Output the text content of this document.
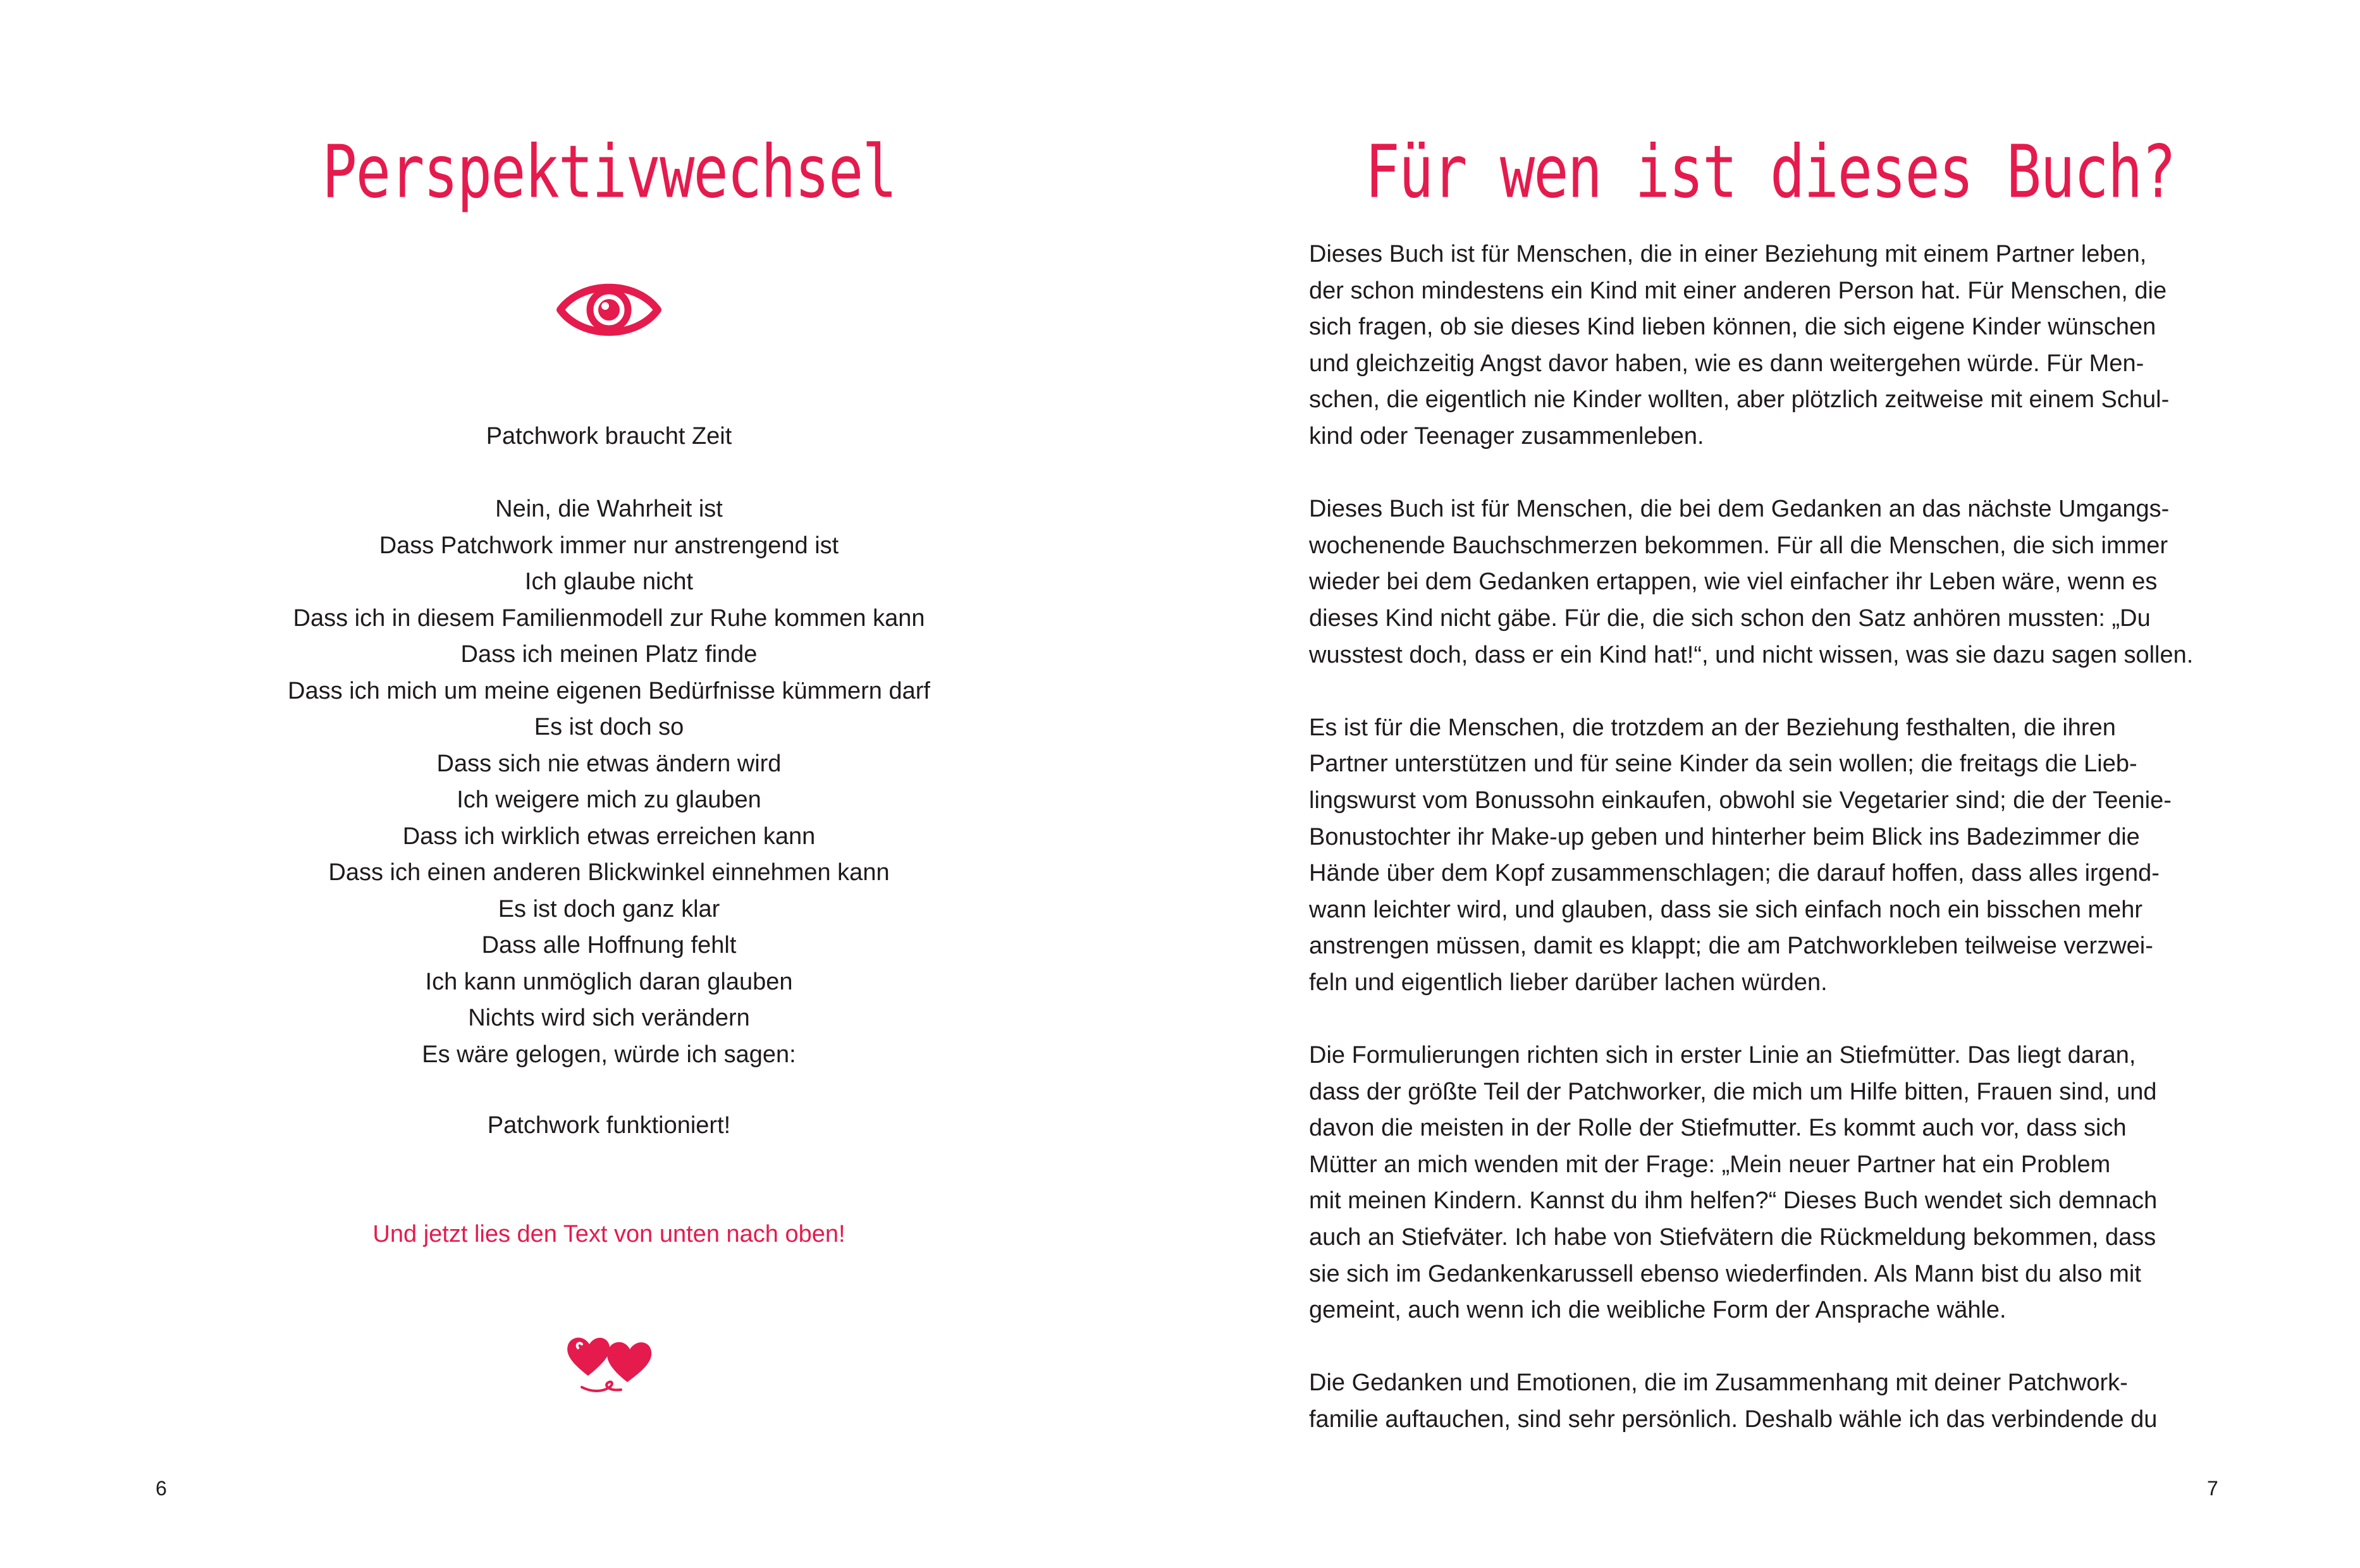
Perspektivwechsel
Patchwork braucht Zeit
Nein, die Wahrheit ist
Dass Patchwork immer nur anstrengend ist
Ich glaube nicht
Dass ich in diesem Familienmodell zur Ruhe kommen kann
Dass ich meinen Platz finde
Dass ich mich um meine eigenen Bedürfnisse kümmern darf
Es ist doch so
Dass sich nie etwas ändern wird
Ich weigere mich zu glauben
Dass ich wirklich etwas erreichen kann
Dass ich einen anderen Blickwinkel einnehmen kann
Es ist doch ganz klar
Dass alle Hoffnung fehlt
Ich kann unmöglich daran glauben
Nichts wird sich verändern
Es wäre gelogen, würde ich sagen:
Patchwork funktioniert!
Und jetzt lies den Text von unten nach oben!
6
Für wen ist dieses Buch?
Dieses Buch ist für Menschen, die in einer Beziehung mit einem Partner leben,
der schon mindestens ein Kind mit einer anderen Person hat. Für Menschen, die
sich fragen, ob sie dieses Kind lieben können, die sich eigene Kinder wünschen
und gleichzeitig Angst davor haben, wie es dann weitergehen würde. Für Men-
schen, die eigentlich nie Kinder wollten, aber plötzlich zeitweise mit einem Schul-
kind oder Teenager zusammenleben.
Dieses Buch ist für Menschen, die bei dem Gedanken an das nächste Umgangs-
wochenende Bauchschmerzen bekommen. Für all die Menschen, die sich immer
wieder bei dem Gedanken ertappen, wie viel einfacher ihr Leben wäre, wenn es
dieses Kind nicht gäbe. Für die, die sich schon den Satz anhören mussten: „Du
wusstest doch, dass er ein Kind hat!“, und nicht wissen, was sie dazu sagen sollen.
Es ist für die Menschen, die trotzdem an der Beziehung festhalten, die ihren
Partner unterstützen und für seine Kinder da sein wollen; die freitags die Lieb-
lingswurst vom Bonussohn einkaufen, obwohl sie Vegetarier sind; die der Teenie-
Bonustochter ihr Make-up geben und hinterher beim Blick ins Badezimmer die
Hände über dem Kopf zusammenschlagen; die darauf hoffen, dass alles irgend-
wann leichter wird, und glauben, dass sie sich einfach noch ein bisschen mehr
anstrengen müssen, damit es klappt; die am Patchworkleben teilweise verzwei-
feln und eigentlich lieber darüber lachen würden.
Die Formulierungen richten sich in erster Linie an Stiefmütter. Das liegt daran,
dass der größte Teil der Patchworker, die mich um Hilfe bitten, Frauen sind, und
davon die meisten in der Rolle der Stiefmutter. Es kommt auch vor, dass sich
Mütter an mich wenden mit der Frage: „Mein neuer Partner hat ein Problem
mit meinen Kindern. Kannst du ihm helfen?“ Dieses Buch wendet sich demnach
auch an Stiefväter. Ich habe von Stiefvätern die Rückmeldung bekommen, dass
sie sich im Gedankenkarussell ebenso wiederfinden. Als Mann bist du also mit
gemeint, auch wenn ich die weibliche Form der Ansprache wähle.
Die Gedanken und Emotionen, die im Zusammenhang mit deiner Patchwork-
familie auftauchen, sind sehr persönlich. Deshalb wähle ich das verbindende du
7
